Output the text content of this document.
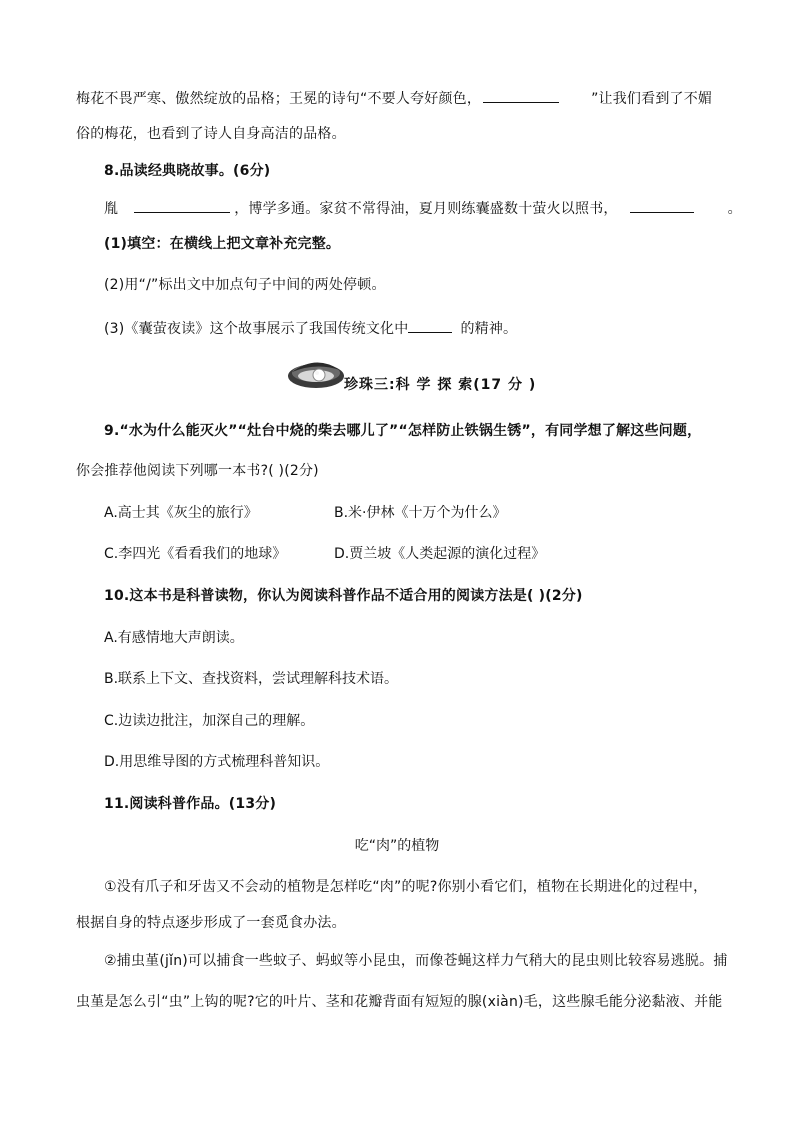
梅花不畏严寒、傲然绽放的品格；王冕的诗句“不要人夸好颜色，	”让我们看到了不媚
俗的梅花，也看到了诗人自身高洁的品格。
8.品读经典晓故事。(6分)
胤	，博学多通。家贫不常得油，夏月则练囊盛数十萤火以照书，	。
(1)填空：在横线上把文章补充完整。
(2)用“/”标出文中加点句子中间的两处停顿。
(3)《囊萤夜读》这个故事展示了我国传统文化中	的精神。
珍珠三:科 学 探 索(17 分 )
9.“水为什么能灭火”“灶台中烧的柴去哪儿了”“怎样防止铁锅生锈”，有同学想了解这些问题，
你会推荐他阅读下列哪一本书?( )(2分)
A.高士其《灰尘的旅行》	B.米·伊林《十万个为什么》
C.李四光《看看我们的地球》	D.贾兰坡《人类起源的演化过程》
10.这本书是科普读物，你认为阅读科普作品不适合用的阅读方法是( )(2分)
A.有感情地大声朗读。
B.联系上下文、查找资料，尝试理解科技术语。
C.边读边批注，加深自己的理解。
D.用思维导图的方式梳理科普知识。
11.阅读科普作品。(13分)
吃“肉”的植物
①没有爪子和牙齿又不会动的植物是怎样吃“肉”的呢?你别小看它们，植物在长期进化的过程中，
根据自身的特点逐步形成了一套觅食办法。
②捕虫堇(jǐn)可以捕食一些蚊子、蚂蚁等小昆虫，而像苍蝇这样力气稍大的昆虫则比较容易逃脱。捕
虫堇是怎么引“虫”上钩的呢?它的叶片、茎和花瓣背面有短短的腺(xiàn)毛，这些腺毛能分泌黏液、并能
